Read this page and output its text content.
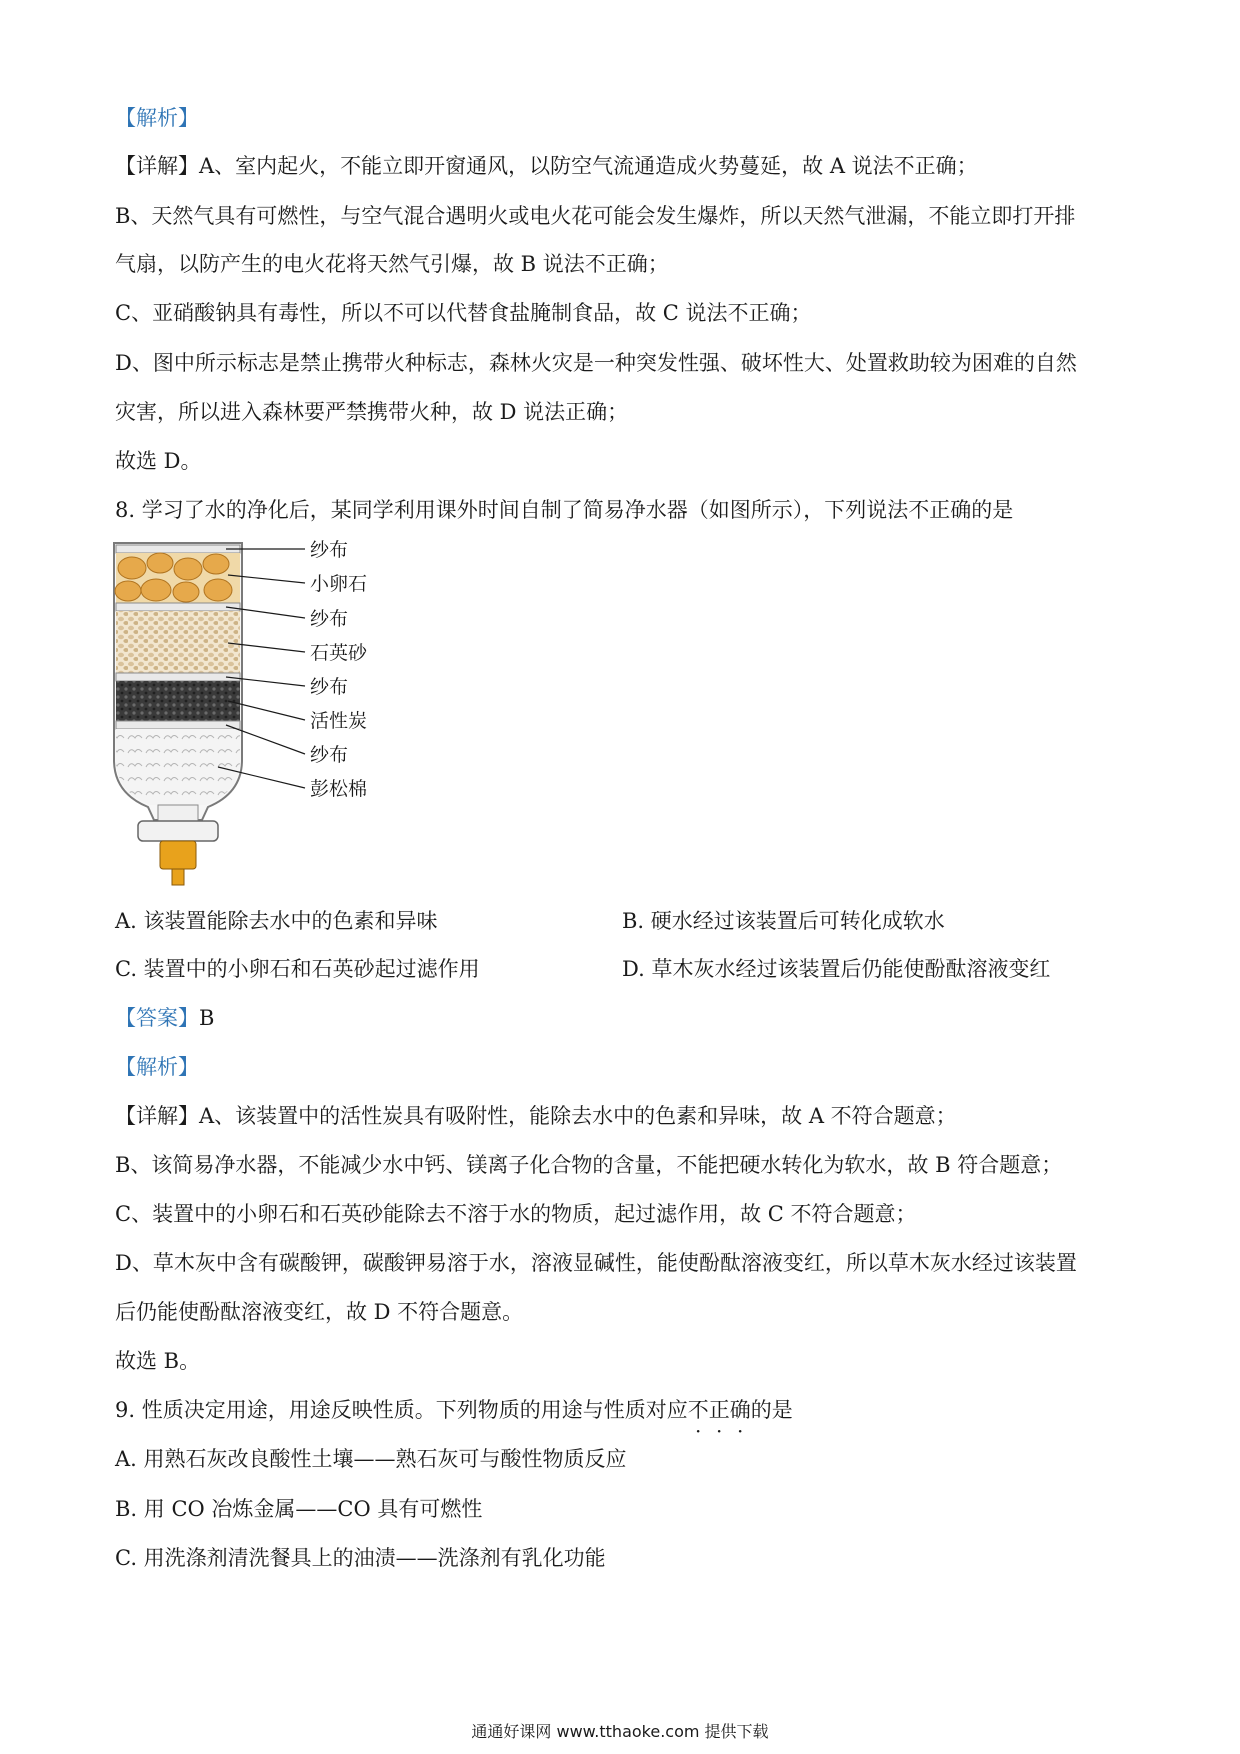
【解析】
【详解】A、室内起火，不能立即开窗通风，以防空气流通造成火势蔓延，故 A 说法不正确；
B、天然气具有可燃性，与空气混合遇明火或电火花可能会发生爆炸，所以天然气泄漏，不能立即打开排
气扇，以防产生的电火花将天然气引爆，故 B 说法不正确；
C、亚硝酸钠具有毒性，所以不可以代替食盐腌制食品，故 C 说法不正确；
D、图中所示标志是禁止携带火种标志，森林火灾是一种突发性强、破坏性大、处置救助较为困难的自然
灾害，所以进入森林要严禁携带火种，故 D 说法正确；
故选 D。
8. 学习了水的净化后，某同学利用课外时间自制了简易净水器（如图所示），下列说法不正确的是
纱布
小卵石
纱布
石英砂
纱布
活性炭
纱布
彭松棉
A. 该装置能除去水中的色素和异味	B. 硬水经过该装置后可转化成软水
C. 装置中的小卵石和石英砂起过滤作用	D. 草木灰水经过该装置后仍能使酚酞溶液变红
【答案】B
【解析】
【详解】A、该装置中的活性炭具有吸附性，能除去水中的色素和异味，故 A 不符合题意；
B、该简易净水器，不能减少水中钙、镁离子化合物的含量，不能把硬水转化为软水，故 B 符合题意；
C、装置中的小卵石和石英砂能除去不溶于水的物质，起过滤作用，故 C 不符合题意；
D、草木灰中含有碳酸钾，碳酸钾易溶于水，溶液显碱性，能使酚酞溶液变红，所以草木灰水经过该装置
后仍能使酚酞溶液变红，故 D 不符合题意。
故选 B。
9. 性质决定用途，用途反映性质。下列物质的用途与性质对应不正确的是
A. 用熟石灰改良酸性土壤——熟石灰可与酸性物质反应
B. 用 CO 冶炼金属——CO 具有可燃性
C. 用洗涤剂清洗餐具上的油渍——洗涤剂有乳化功能
通通好课网 www.tthaoke.com 提供下载
